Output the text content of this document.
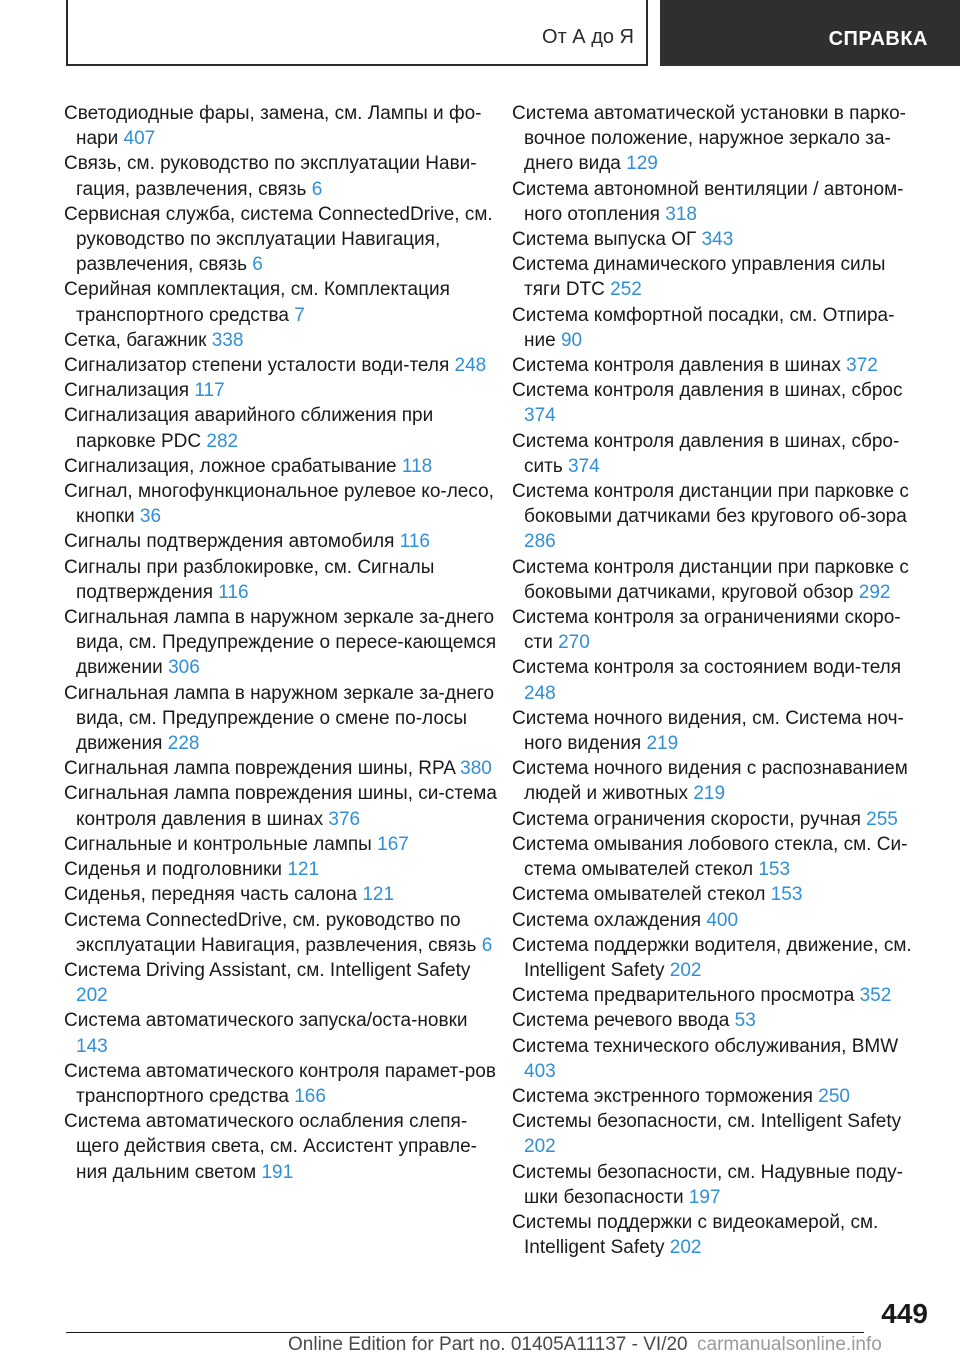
От А до Я	СПРАВКА

Светодиодные фары, замена, см. Лампы и фо‐нари 407

Связь, см. руководство по эксплуатации Нави‐гация, развлечения, связь 6

Сервисная служба, система ConnectedDrive, см. руководство по эксплуатации Навигация, развлечения, связь 6

Серийная комплектация, см. Комплектация транспортного средства 7

Сетка, багажник 338

Сигнализатор степени усталости води‐теля 248

Сигнализация 117

Сигнализация аварийного сближения при парковке PDC 282

Сигнализация, ложное срабатывание 118

Сигнал, многофункциональное рулевое ко‐лесо, кнопки 36

Сигналы подтверждения автомобиля 116

Сигналы при разблокировке, см. Сигналы подтверждения 116

Сигнальная лампа в наружном зеркале за‐днего вида, см. Предупреждение о пересе‐кающемся движении 306

Сигнальная лампа в наружном зеркале за‐днего вида, см. Предупреждение о смене по‐лосы движения 228

Сигнальная лампа повреждения шины, RPA 380

Сигнальная лампа повреждения шины, си‐стема контроля давления в шинах 376

Сигнальные и контрольные лампы 167

Сиденья и подголовники 121

Сиденья, передняя часть салона 121

Система ConnectedDrive, см. руководство по эксплуатации Навигация, развлечения, связь 6

Система Driving Assistant, см. Intelligent Safety 202

Система автоматического запуска/оста‐новки 143

Система автоматического контроля парамет‐ров транспортного средства 166

Система автоматического ослабления слепя‐щего действия света, см. Ассистент управле‐ния дальним светом 191

Система автоматической установки в парко‐вочное положение, наружное зеркало за‐днего вида 129

Система автономной вентиляции / автоном‐ного отопления 318

Система выпуска ОГ 343

Система динамического управления силы тяги DTC 252

Система комфортной посадки, см. Отпира‐ние 90

Система контроля давления в шинах 372

Система контроля давления в шинах, сброс 374

Система контроля давления в шинах, сбро‐сить 374

Система контроля дистанции при парковке с боковыми датчиками без кругового об‐зора 286

Система контроля дистанции при парковке с боковыми датчиками, круговой обзор 292

Система контроля за ограничениями скоро‐сти 270

Система контроля за состоянием води‐теля 248

Система ночного видения, см. Система ноч‐ного видения 219

Система ночного видения с распознаванием людей и животных 219

Система ограничения скорости, ручная 255

Система омывания лобового стекла, см. Си‐стема омывателей стекол 153

Система омывателей стекол 153

Система охлаждения 400

Система поддержки водителя, движение, см. Intelligent Safety 202

Система предварительного просмотра 352

Система речевого ввода 53

Система технического обслуживания, BMW 403

Система экстренного торможения 250

Системы безопасности, см. Intelligent Safety 202

Системы безопасности, см. Надувные поду‐шки безопасности 197

Системы поддержки с видеокамерой, см. Intelligent Safety 202

449
Online Edition for Part no. 01405A11137 - VI/20 carmanualsonline.info
